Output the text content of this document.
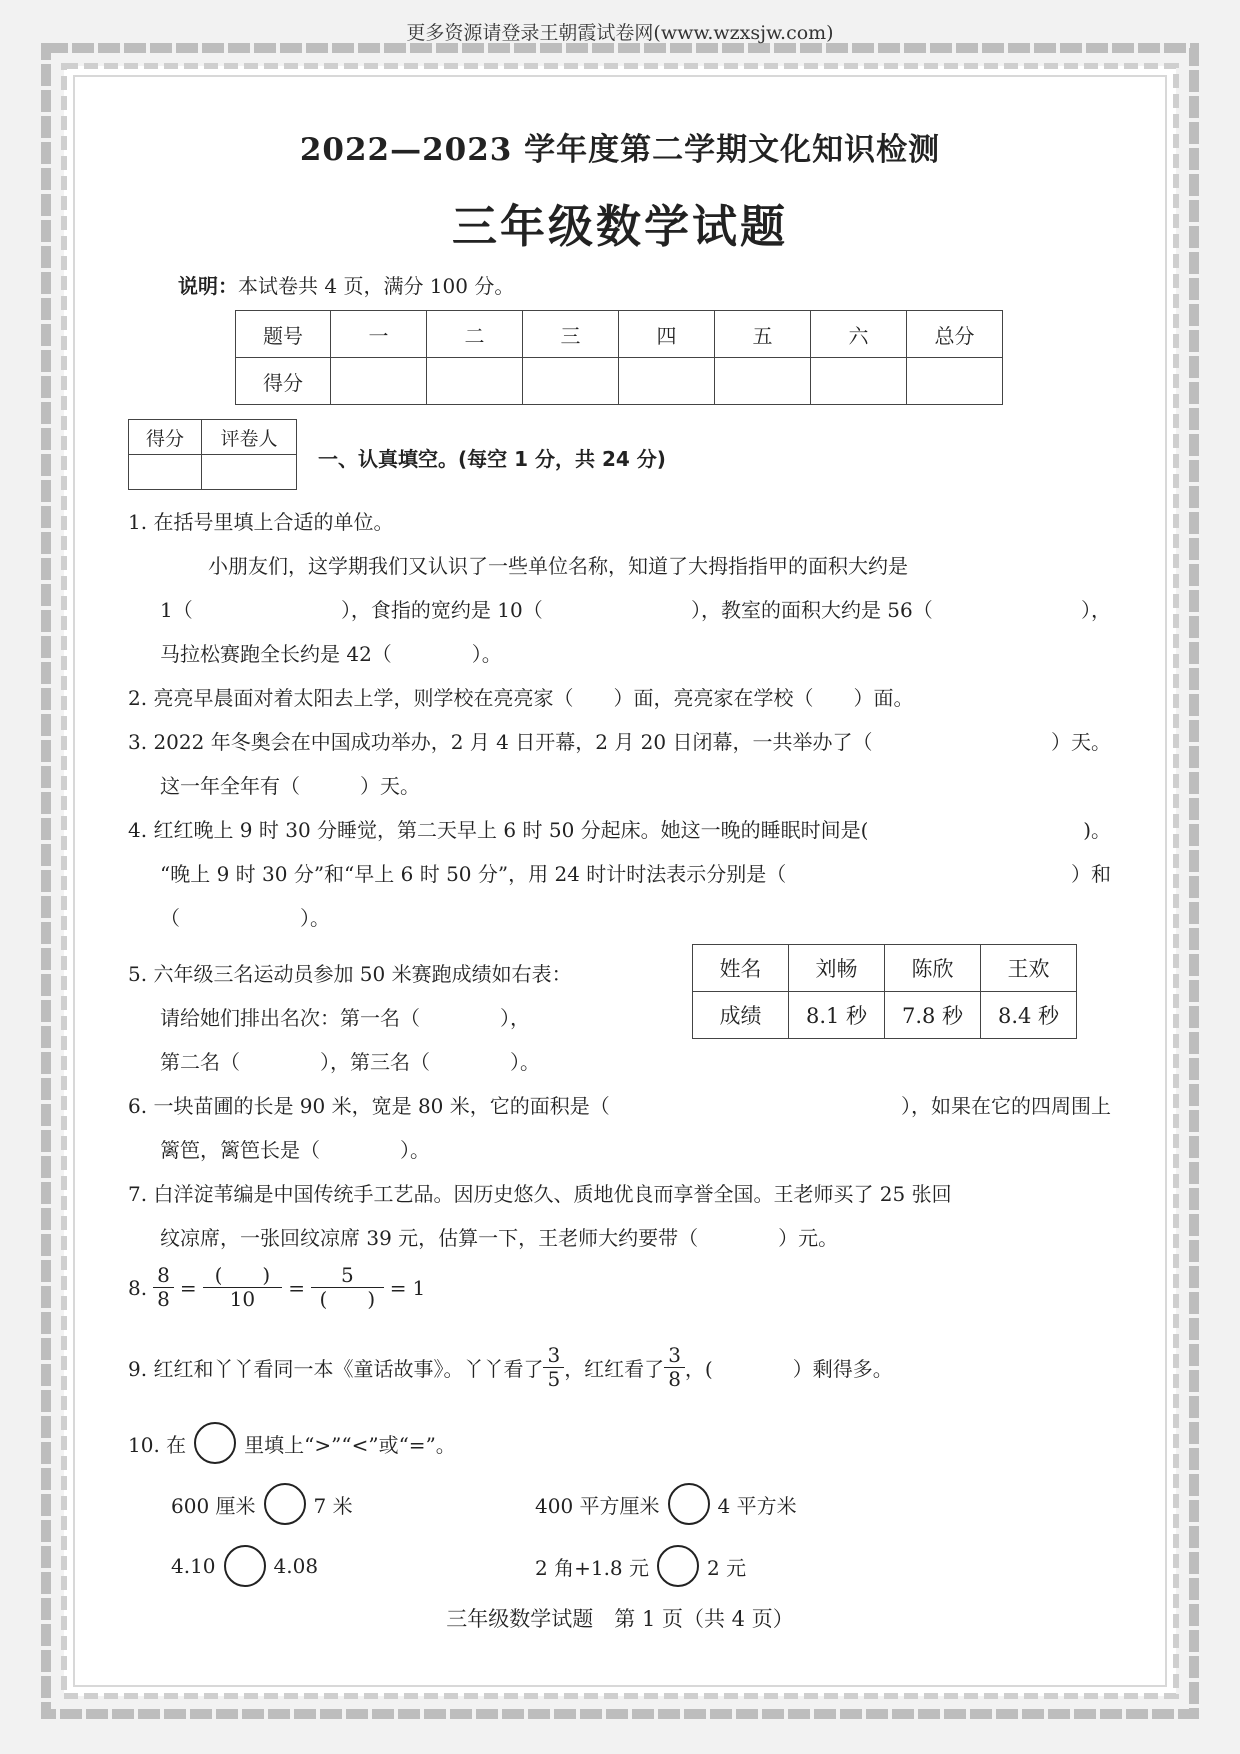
更多资源请登录王朝霞试卷网(www.wzxsjw.com)
2022—2023 学年度第二学期文化知识检测
三年级数学试题
说明：本试卷共 4 页，满分 100 分。
题号	一	二	三	四	五	六	总分
得分							
得分	评卷人

一、认真填空。(每空 1 分，共 24 分)
1. 在括号里填上合适的单位。
小朋友们，这学期我们又认识了一些单位名称，知道了大拇指指甲的面积大约是
1（	），食指的宽约是 10（	），教室的面积大约是 56（	），
马拉松赛跑全长约是 42（　　　　）。
2. 亮亮早晨面对着太阳去上学，则学校在亮亮家（　　）面，亮亮家在学校（　　）面。
3. 2022 年冬奥会在中国成功举办，2 月 4 日开幕，2 月 20 日闭幕，一共举办了（	）天。
这一年全年有（　　　）天。
4. 红红晚上 9 时 30 分睡觉，第二天早上 6 时 50 分起床。她这一晚的睡眠时间是(	)。
“晚上 9 时 30 分”和“早上 6 时 50 分”，用 24 时计时法表示分别是（	）和
（　　　　　　）。
5. 六年级三名运动员参加 50 米赛跑成绩如右表：
请给她们排出名次：第一名（　　　　），
第二名（　　　　），第三名（　　　　）。
姓名	刘畅	陈欣	王欢
成绩	8.1 秒	7.8 秒	8.4 秒
6. 一块苗圃的长是 90 米，宽是 80 米，它的面积是（	），如果在它的四周围上
篱笆，篱笆长是（　　　　）。
7. 白洋淀苇编是中国传统手工艺品。因历史悠久、质地优良而享誉全国。王老师买了 25 张回
纹凉席，一张回纹凉席 39 元，估算一下，王老师大约要带（　　　　）元。
8. $\frac{8}{8} = \frac{( )}{10} = \frac{5}{( )} = 1$
9. 红红和丫丫看同一本《童话故事》。丫丫看了 $\frac{3}{5}$ ，红红看了 $\frac{3}{8}$ ，(　　　　）剩得多。
10. 在	里填上“>”“<”或“=”。
600 厘米	7 米	400 平方厘米	4 平方米
4.10	4.08	2 角+1.8 元	2 元
三年级数学试题　第 1 页（共 4 页）
